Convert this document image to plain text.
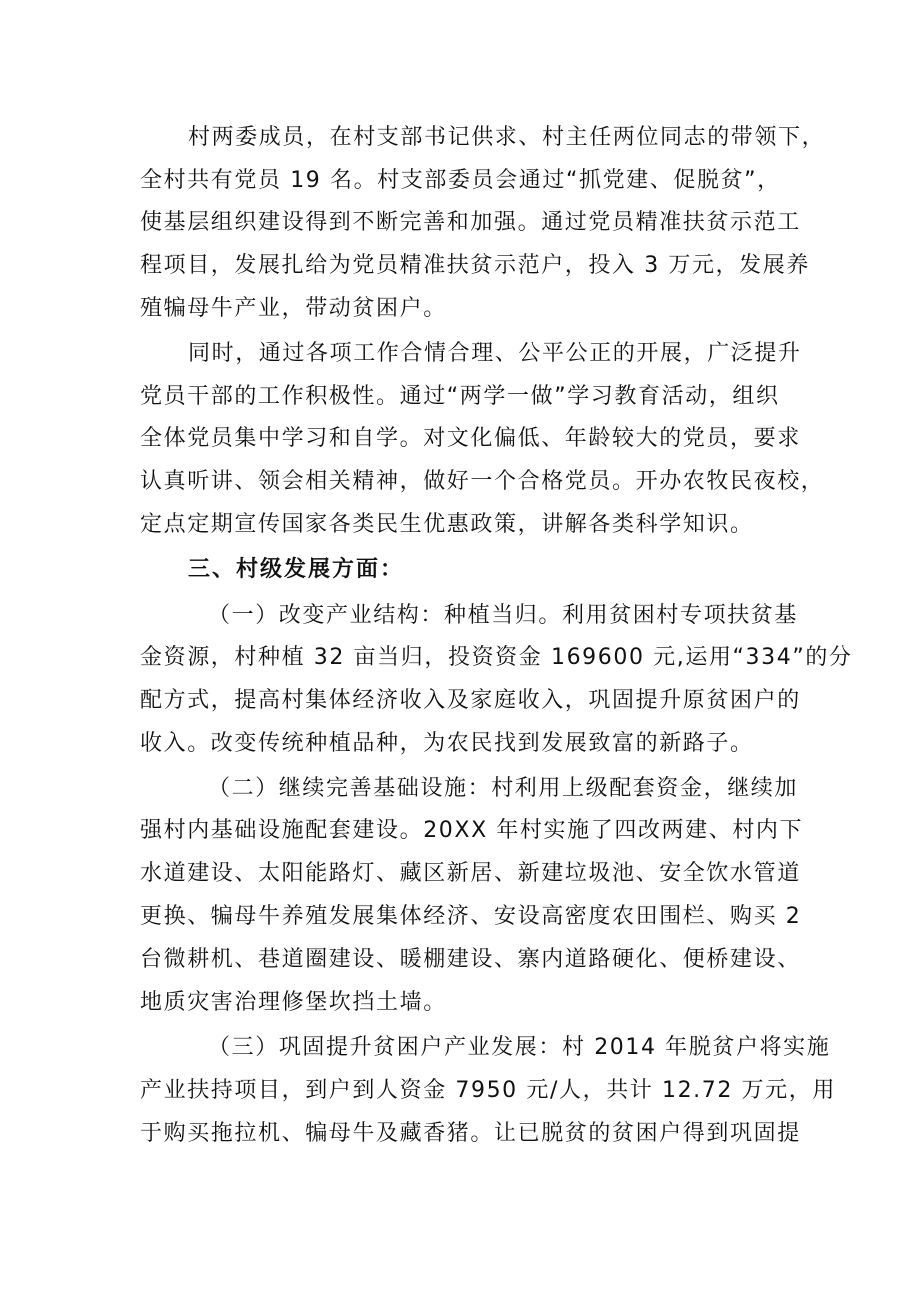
村两委成员，在村支部书记供求、村主任两位同志的带领下，
全村共有党员 19 名。村支部委员会通过“抓党建、促脱贫”，
使基层组织建设得到不断完善和加强。通过党员精准扶贫示范工
程项目，发展扎给为党员精准扶贫示范户，投入 3 万元，发展养
殖犏母牛产业，带动贫困户。
同时，通过各项工作合情合理、公平公正的开展，广泛提升
党员干部的工作积极性。通过“两学一做”学习教育活动，组织
全体党员集中学习和自学。对文化偏低、年龄较大的党员，要求
认真听讲、领会相关精神，做好一个合格党员。开办农牧民夜校，
定点定期宣传国家各类民生优惠政策，讲解各类科学知识。
三、村级发展方面：
（一）改变产业结构：种植当归。利用贫困村专项扶贫基
金资源，村种植 32 亩当归，投资资金 169600 元,运用“334”的分
配方式，提高村集体经济收入及家庭收入，巩固提升原贫困户的
收入。改变传统种植品种，为农民找到发展致富的新路子。
（二）继续完善基础设施：村利用上级配套资金，继续加
强村内基础设施配套建设。20XX 年村实施了四改两建、村内下
水道建设、太阳能路灯、藏区新居、新建垃圾池、安全饮水管道
更换、犏母牛养殖发展集体经济、安设高密度农田围栏、购买 2
台微耕机、巷道圈建设、暖棚建设、寨内道路硬化、便桥建设、
地质灾害治理修堡坎挡土墙。
（三）巩固提升贫困户产业发展：村 2014 年脱贫户将实施
产业扶持项目，到户到人资金 7950 元/人，共计 12.72 万元，用
于购买拖拉机、犏母牛及藏香猪。让已脱贫的贫困户得到巩固提
